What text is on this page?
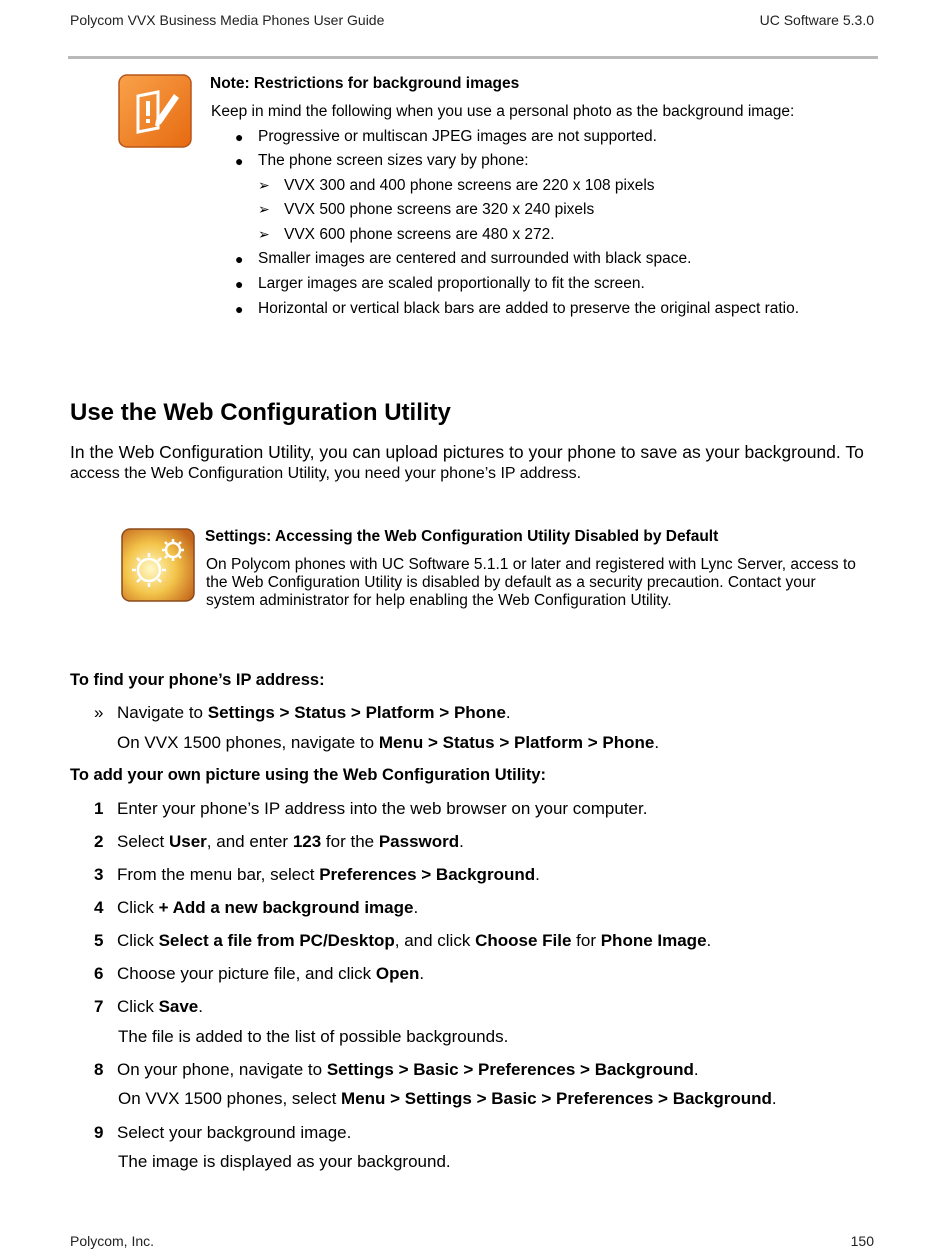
Polycom VVX Business Media Phones User Guide	UC Software 5.3.0
Note: Restrictions for background images
Keep in mind the following when you use a personal photo as the background image:
● Progressive or multiscan JPEG images are not supported.
● The phone screen sizes vary by phone:
➢ VVX 300 and 400 phone screens are 220 x 108 pixels
➢ VVX 500 phone screens are 320 x 240 pixels
➢ VVX 600 phone screens are 480 x 272.
● Smaller images are centered and surrounded with black space.
● Larger images are scaled proportionally to fit the screen.
● Horizontal or vertical black bars are added to preserve the original aspect ratio.
Use the Web Configuration Utility
In the Web Configuration Utility, you can upload pictures to your phone to save as your background. To
access the Web Configuration Utility, you need your phone’s IP address.
Settings: Accessing the Web Configuration Utility Disabled by Default
On Polycom phones with UC Software 5.1.1 or later and registered with Lync Server, access to the Web Configuration Utility is disabled by default as a security precaution. Contact your system administrator for help enabling the Web Configuration Utility.
To find your phone’s IP address:
» Navigate to Settings > Status > Platform > Phone.
On VVX 1500 phones, navigate to Menu > Status > Platform > Phone.
To add your own picture using the Web Configuration Utility:
1 Enter your phone’s IP address into the web browser on your computer.
2 Select User, and enter 123 for the Password.
3 From the menu bar, select Preferences > Background.
4 Click + Add a new background image.
5 Click Select a file from PC/Desktop, and click Choose File for Phone Image.
6 Choose your picture file, and click Open.
7 Click Save.
The file is added to the list of possible backgrounds.
8 On your phone, navigate to Settings > Basic > Preferences > Background.
On VVX 1500 phones, select Menu > Settings > Basic > Preferences > Background.
9 Select your background image.
The image is displayed as your background.
Polycom, Inc.	150
